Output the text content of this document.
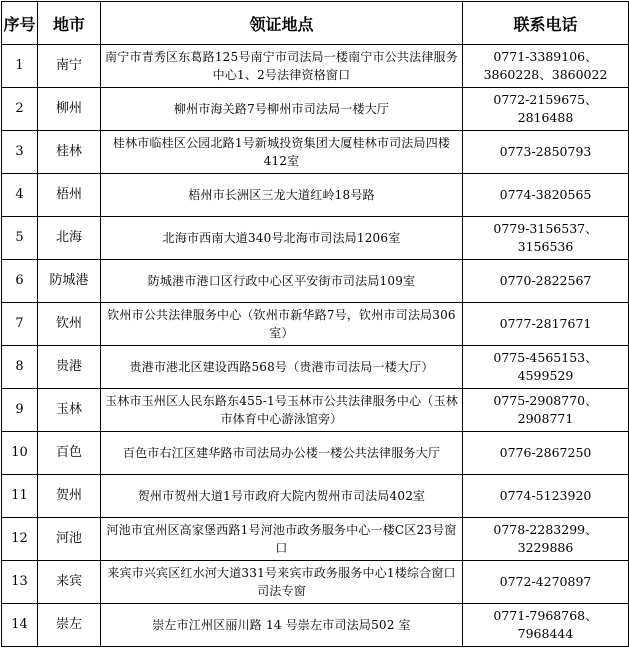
序号	地市	领证地点	联系电话
1	南宁	南宁市青秀区东葛路125号南宁市司法局一楼南宁市公共法律服务中心1、2号法律资格窗口	0771-3389106、3860228、3860022
2	柳州	柳州市海关路7号柳州市司法局一楼大厅	0772-2159675、2816488
3	桂林	桂林市临桂区公园北路1号新城投资集团大厦桂林市司法局四楼412室	0773-2850793
4	梧州	梧州市长洲区三龙大道红岭18号路	0774-3820565
5	北海	北海市西南大道340号北海市司法局1206室	0779-3156537、3156536
6	防城港	防城港市港口区行政中心区平安街市司法局109室	0770-2822567
7	钦州	钦州市公共法律服务中心（钦州市新华路7号，钦州市司法局306室）	0777-2817671
8	贵港	贵港市港北区建设西路568号（贵港市司法局一楼大厅）	0775-4565153、4599529
9	玉林	玉林市玉州区人民东路东455-1号玉林市公共法律服务中心（玉林市体育中心游泳馆旁）	0775-2908770、2908771
10	百色	百色市右江区建华路市司法局办公楼一楼公共法律服务大厅	0776-2867250
11	贺州	贺州市贺州大道1号市政府大院内贺州市司法局402室	0774-5123920
12	河池	河池市宜州区高家堡西路1号河池市政务服务中心一楼C区23号窗口	0778-2283299、3229886
13	来宾	来宾市兴宾区红水河大道331号来宾市政务服务中心1楼综合窗口司法专窗	0772-4270897
14	崇左	崇左市江州区丽川路 14 号崇左市司法局502 室	0771-7968768、7968444
